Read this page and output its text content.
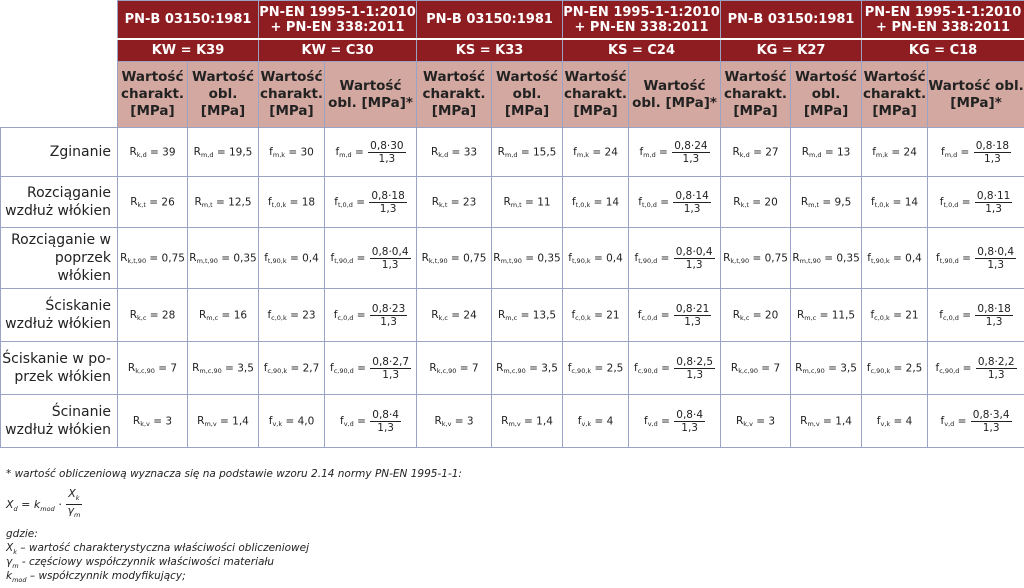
	PN-B 03150:1981		PN-EN 1995-1-1:2010 + PN-EN 338:2011		PN-B 03150:1981		PN-EN 1995-1-1:2010 + PN-EN 338:2011		PN-B 03150:1981		PN-EN 1995-1-1:2010 + PN-EN 338:2011	
	KW = K39		KW = C30		KS = K33		KS = C24		KG = K27		KG = C18	
	Wartość charakt. [MPa]	Wartość obl. [MPa]	Wartość charakt. [MPa]	Wartość obl. [MPa]*	Wartość charakt. [MPa]	Wartość obl. [MPa]	Wartość charakt. [MPa]	Wartość obl. [MPa]*	Wartość charakt. [MPa]	Wartość obl. [MPa]	Wartość charakt. [MPa]	Wartość obl. [MPa]*
Zginanie	$R_{k,d} = 39$	$R_{m,d} = 19,5$	$f_{m,k} = 30$	$f_{m,d} = \frac{0,8\cdot 30}{1,3}$	$R_{k,d} = 33$	$R_{m,d} = 15,5$	$f_{m,k} = 24$	$f_{m,d} = \frac{0,8\cdot 24}{1,3}$	$R_{k,d} = 27$	$R_{m,d} = 13$	$f_{m,k} = 24$	$f_{m,d} = \frac{0,8\cdot 18}{1,3}$

Rozciąganie wzdłuż włókien	$R_{k,t} = 26$	$R_{m,t} = 12,5$	$f_{t,0,k} = 18$	$f_{t,0,d} = \frac{0,8\cdot 18}{1,3}$	$R_{k,t} = 23$	$R_{m,t} = 11$	$f_{t,0,k} = 14$	$f_{t,0,d} = \frac{0,8\cdot 14}{1,3}$	$R_{k,t} = 20$	$R_{m,t} = 9,5$	$f_{t,0,k} = 14$	$f_{t,0,d} = \frac{0,8\cdot 11}{1,3}$

Rozciąganie w poprzek włókien	$R_{k,t,90} = 0,75$	$R_{m,t,90} = 0,35$	$f_{t,90,k} = 0,4$	$f_{t,90,d} = \frac{0,8\cdot 0,4}{1,3}$	$R_{k,t,90} = 0,75$	$R_{m,t,90} = 0,35$	$f_{t,90,k} = 0,4$	$f_{t,90,d} = \frac{0,8\cdot 0,4}{1,3}$	$R_{k,t,90} = 0,75$	$R_{m,t,90} = 0,35$	$f_{t,90,k} = 0,4$	$f_{t,90,d} = \frac{0,8\cdot 0,4}{1,3}$

Ściskanie wzdłuż włókien	$R_{k,c} = 28$	$R_{m,c} = 16$	$f_{c,0,k} = 23$	$f_{c,0,d} = \frac{0,8\cdot 23}{1,3}$	$R_{k,c} = 24$	$R_{m,c} = 13,5$	$f_{c,0,k} = 21$	$f_{c,0,d} = \frac{0,8\cdot 21}{1,3}$	$R_{k,c} = 20$	$R_{m,c} = 11,5$	$f_{c,0,k} = 21$	$f_{c,0,d} = \frac{0,8\cdot 18}{1,3}$

Ściskanie w po-
przek włókien	$R_{k,c,90} = 7$	$R_{m,c,90} = 3,5$	$f_{c,90,k} = 2,7$	$f_{c,90,d} = \frac{0,8\cdot 2,7}{1,3}$	$R_{k,c,90} = 7$	$R_{m,c,90} = 3,5$	$f_{c,90,k} = 2,5$	$f_{c,90,d} = \frac{0,8\cdot 2,5}{1,3}$	$R_{k,c,90} = 7$	$R_{m,c,90} = 3,5$	$f_{c,90,k} = 2,5$	$f_{c,90,d} = \frac{0,8\cdot 2,2}{1,3}$

Ścinanie wzdłuż włókien	$R_{k,v} = 3$	$R_{m,v} = 1,4$	$f_{v,k} = 4,0$	$f_{v,d} = \frac{0,8\cdot 4}{1,3}$	$R_{k,v} = 3$	$R_{m,v} = 1,4$	$f_{v,k} = 4$	$f_{v,d} = \frac{0,8\cdot 4}{1,3}$	$R_{k,v} = 3$	$R_{m,v} = 1,4$	$f_{v,k} = 4$	$f_{v,d} = \frac{0,8\cdot 3,4}{1,3}$
* wartość obliczeniową wyznacza się na podstawie wzoru 2.14 normy PN-EN 1995-1-1:
$X_d = k_{mod} \cdot \frac{X_k}{\gamma_m}$
gdzie:
$X_k$ – wartość charakterystyczna właściwości obliczeniowej
$\gamma_m$ - częściowy współczynnik właściwości materiału
$k_{mod}$ – współczynnik modyfikujący;
